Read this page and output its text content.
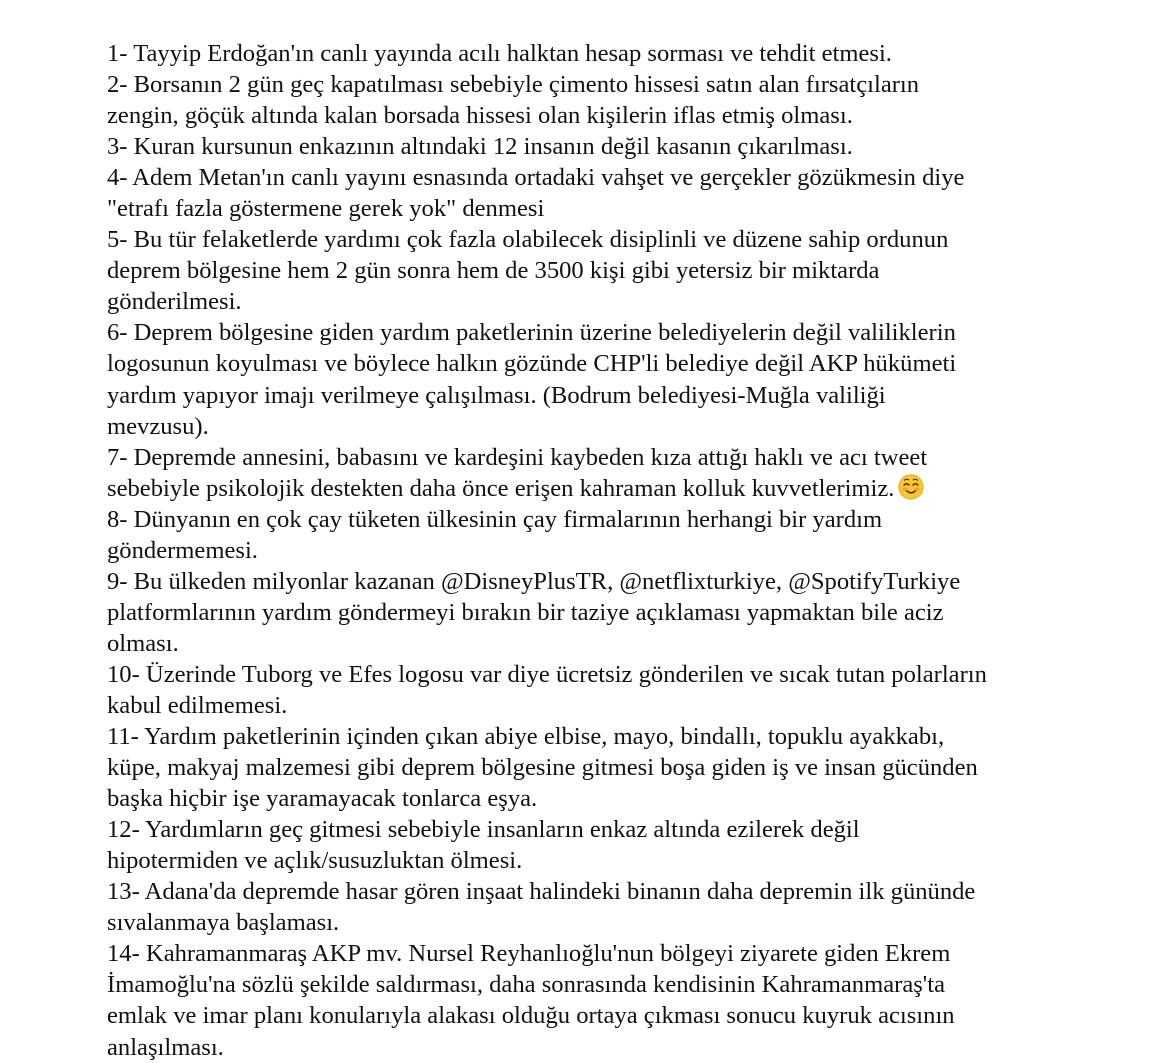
1- Tayyip Erdoğan'ın canlı yayında acılı halktan hesap sorması ve tehdit etmesi.

2- Borsanın 2 gün geç kapatılması sebebiyle çimento hissesi satın alan fırsatçıların
zengin, göçük altında kalan borsada hissesi olan kişilerin iflas etmiş olması.

3- Kuran kursunun enkazının altındaki 12 insanın değil kasanın çıkarılması.

4- Adem Metan'ın canlı yayını esnasında ortadaki vahşet ve gerçekler gözükmesin diye
"etrafı fazla göstermene gerek yok" denmesi

5- Bu tür felaketlerde yardımı çok fazla olabilecek disiplinli ve düzene sahip ordunun
deprem bölgesine hem 2 gün sonra hem de 3500 kişi gibi yetersiz bir miktarda
gönderilmesi.

6- Deprem bölgesine giden yardım paketlerinin üzerine belediyelerin değil valiliklerin
logosunun koyulması ve böylece halkın gözünde CHP'li belediye değil AKP hükümeti
yardım yapıyor imajı verilmeye çalışılması. (Bodrum belediyesi-Muğla valiliği
mevzusu).

7- Depremde annesini, babasını ve kardeşini kaybeden kıza attığı haklı ve acı tweet
sebebiyle psikolojik destekten daha önce erişen kahraman kolluk kuvvetlerimiz.

8- Dünyanın en çok çay tüketen ülkesinin çay firmalarının herhangi bir yardım
göndermemesi.

9- Bu ülkeden milyonlar kazanan @DisneyPlusTR, @netflixturkiye, @SpotifyTurkiye
platformlarının yardım göndermeyi bırakın bir taziye açıklaması yapmaktan bile aciz
olması.

10- Üzerinde Tuborg ve Efes logosu var diye ücretsiz gönderilen ve sıcak tutan polarların
kabul edilmemesi.

11- Yardım paketlerinin içinden çıkan abiye elbise, mayo, bindallı, topuklu ayakkabı,
küpe, makyaj malzemesi gibi deprem bölgesine gitmesi boşa giden iş ve insan gücünden
başka hiçbir işe yaramayacak tonlarca eşya.

12- Yardımların geç gitmesi sebebiyle insanların enkaz altında ezilerek değil
hipotermiden ve açlık/susuzluktan ölmesi.

13- Adana'da depremde hasar gören inşaat halindeki binanın daha depremin ilk gününde
sıvalanmaya başlaması.

14- Kahramanmaraş AKP mv. Nursel Reyhanlıoğlu'nun bölgeyi ziyarete giden Ekrem
İmamoğlu'na sözlü şekilde saldırması, daha sonrasında kendisinin Kahramanmaraş'ta
emlak ve imar planı konularıyla alakası olduğu ortaya çıkması sonucu kuyruk acısının
anlaşılması.
